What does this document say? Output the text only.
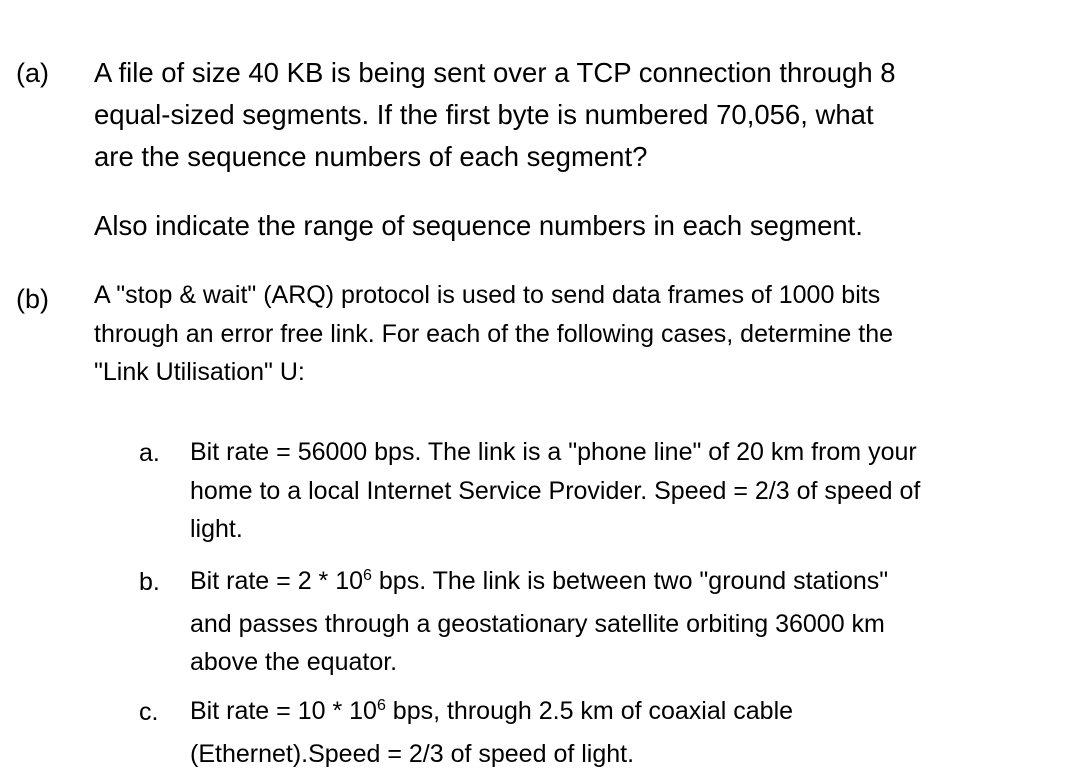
(a) A file of size 40 KB is being sent over a TCP connection through 8
equal-sized segments. If the first byte is numbered 70,056, what
are the sequence numbers of each segment?
Also indicate the range of sequence numbers in each segment.
(b) A "stop & wait" (ARQ) protocol is used to send data frames of 1000 bits
through an error free link. For each of the following cases, determine the
"Link Utilisation" U:
a. Bit rate = 56000 bps. The link is a "phone line" of 20 km from your
home to a local Internet Service Provider. Speed = 2/3 of speed of
light.
b. Bit rate = $2 * 10^6$ bps. The link is between two "ground stations"
and passes through a geostationary satellite orbiting 36000 km
above the equator.
c. Bit rate = $10 * 10^6$ bps, through 2.5 km of coaxial cable
(Ethernet).Speed = 2/3 of speed of light.
